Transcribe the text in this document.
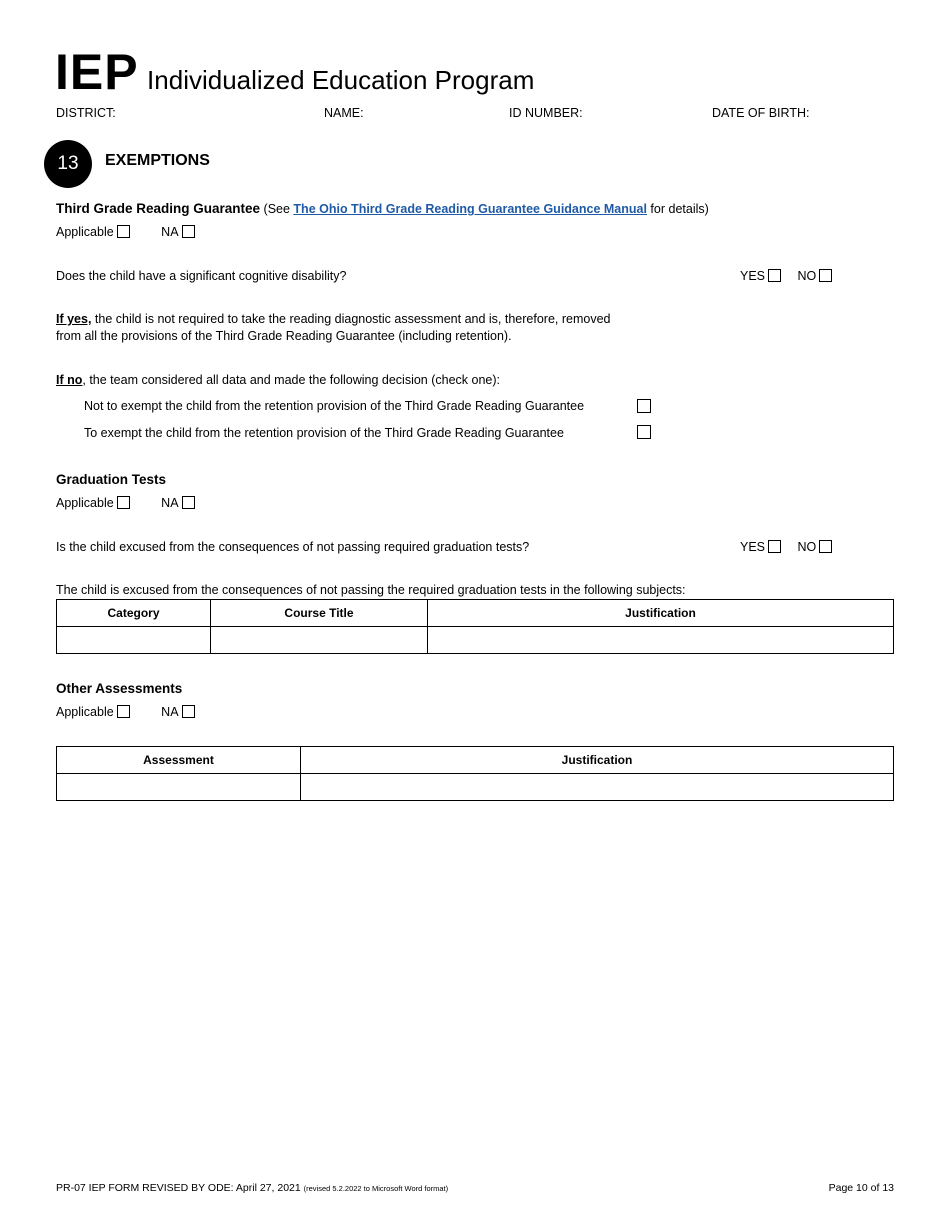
IEP Individualized Education Program
DISTRICT:	NAME:	ID NUMBER:	DATE OF BIRTH:
13 EXEMPTIONS
Third Grade Reading Guarantee (See The Ohio Third Grade Reading Guarantee Guidance Manual for details)
Applicable	NA
Does the child have a significant cognitive disability?	YES	NO
If yes, the child is not required to take the reading diagnostic assessment and is, therefore, removed
from all the provisions of the Third Grade Reading Guarantee (including retention).
If no, the team considered all data and made the following decision (check one):
Not to exempt the child from the retention provision of the Third Grade Reading Guarantee
To exempt the child from the retention provision of the Third Grade Reading Guarantee
Graduation Tests
Applicable	NA
Is the child excused from the consequences of not passing required graduation tests?	YES	NO
The child is excused from the consequences of not passing the required graduation tests in the following subjects:
Category	Course Title	Justification

Other Assessments
Applicable	NA
Assessment	Justification

PR-07 IEP FORM REVISED BY ODE: April 27, 2021 (revised 5.2.2022 to Microsoft Word format)	Page 10 of 13
